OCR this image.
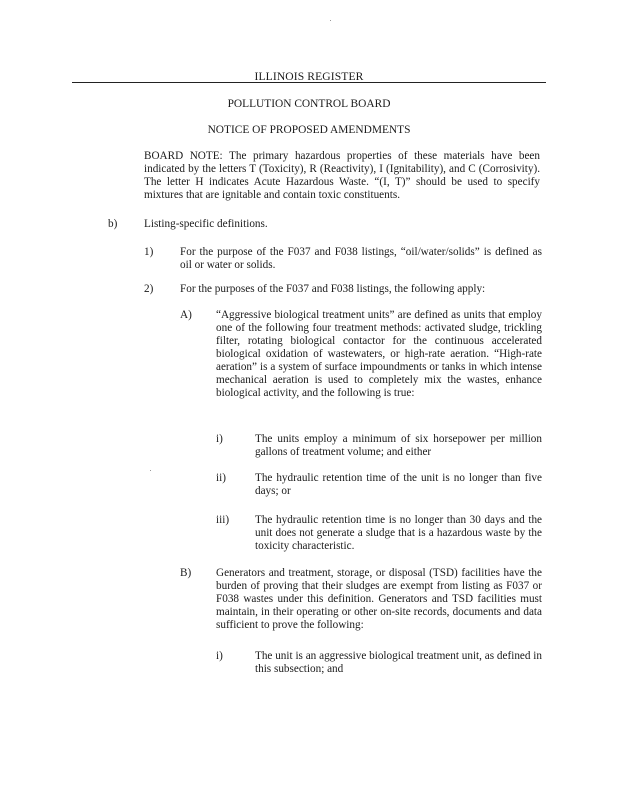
ILLINOIS REGISTER
POLLUTION CONTROL BOARD
NOTICE OF PROPOSED AMENDMENTS
BOARD NOTE: The primary hazardous properties of these materials have been indicated by the letters T (Toxicity), R (Reactivity), I (Ignitability), and C (Corrosivity). The letter H indicates Acute Hazardous Waste. “(I, T)” should be used to specify mixtures that are ignitable and contain toxic constituents.
b) Listing-specific definitions.
1) For the purpose of the F037 and F038 listings, “oil/water/solids” is defined as oil or water or solids.
2) For the purposes of the F037 and F038 listings, the following apply:
A) “Aggressive biological treatment units” are defined as units that employ one of the following four treatment methods: activated sludge, trickling filter, rotating biological contactor for the continuous accelerated biological oxidation of wastewaters, or high-rate aeration. “High-rate aeration” is a system of surface impoundments or tanks in which intense mechanical aeration is used to completely mix the wastes, enhance biological activity, and the following is true:
i)	The units employ a minimum of six horsepower per million gallons of treatment volume; and either
ii)	The hydraulic retention time of the unit is no longer than five days; or
iii) The hydraulic retention time is no longer than 30 days and the unit does not generate a sludge that is a hazardous waste by the toxicity characteristic.
B) Generators and treatment, storage, or disposal (TSD) facilities have the burden of proving that their sludges are exempt from listing as F037 or F038 wastes under this definition. Generators and TSD facilities must maintain, in their operating or other on-site records, documents and data sufficient to prove the following:
i)	The unit is an aggressive biological treatment unit, as defined in this subsection; and
